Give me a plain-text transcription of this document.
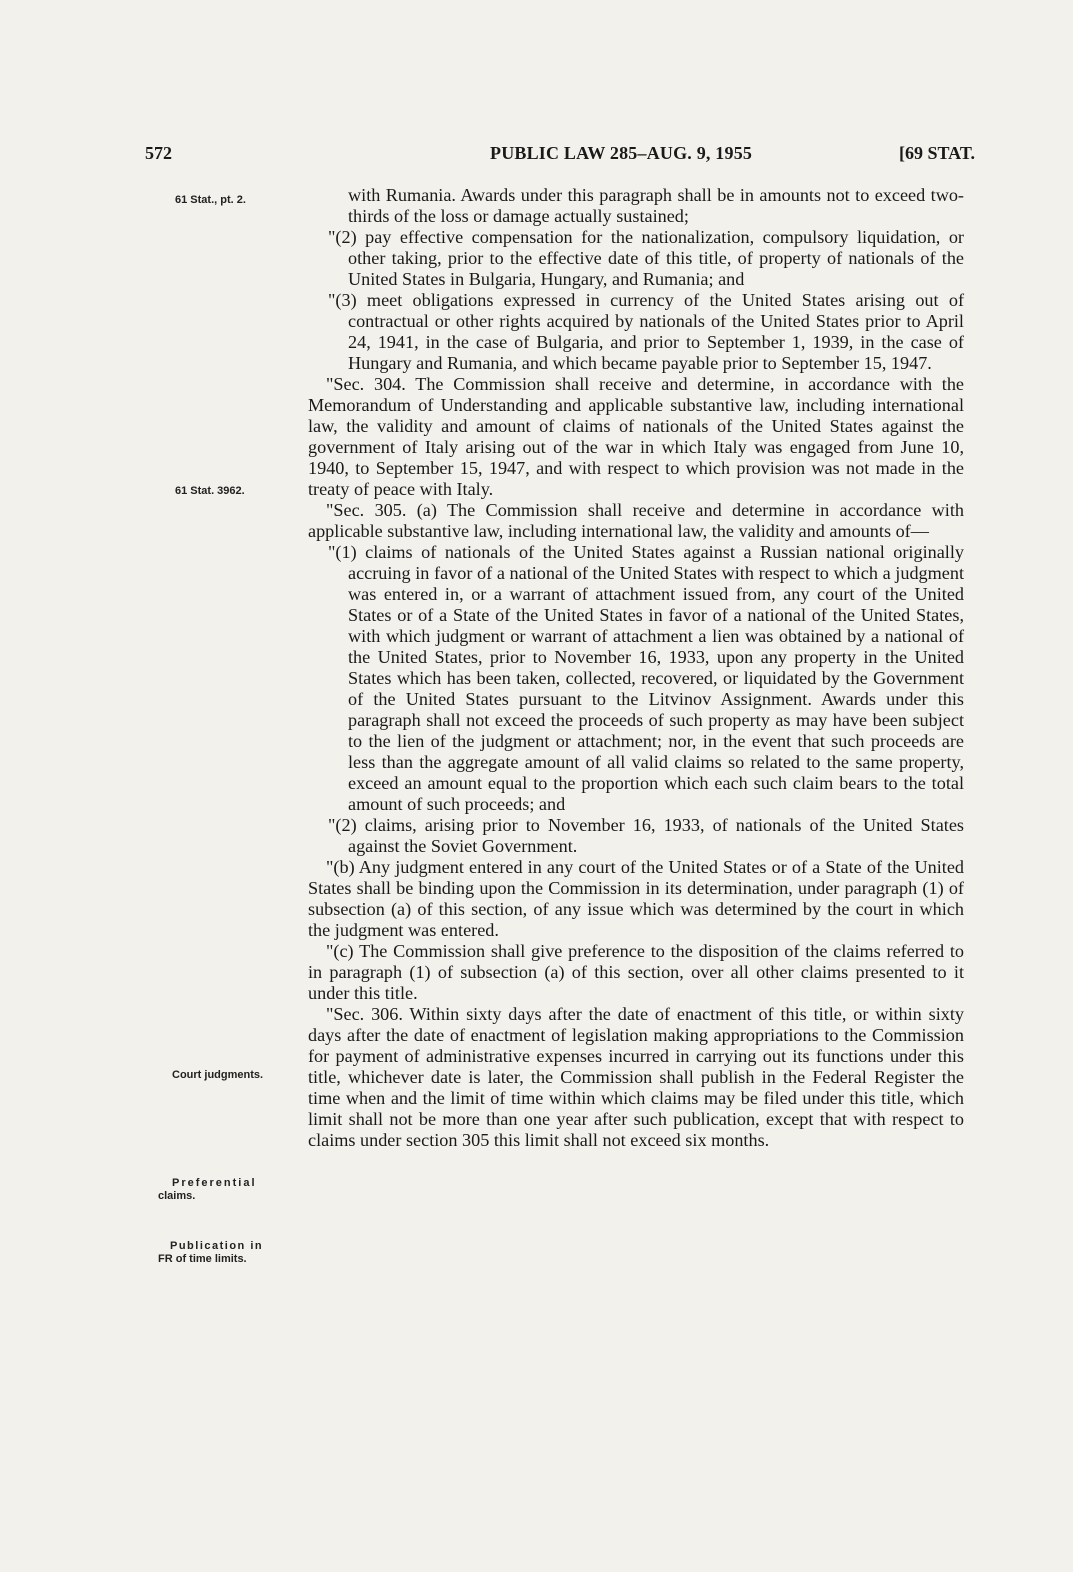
572	PUBLIC LAW 285–AUG. 9, 1955	[69 STAT.
61 Stat., pt. 2.
61 Stat. 3962.
Court judgments.
Preferential
claims.
Publication in
FR of time limits.

with Rumania. Awards under this paragraph shall be in amounts not to exceed two-thirds of the loss or damage actually sustained;

"(2) pay effective compensation for the nationalization, compulsory liquidation, or other taking, prior to the effective date of this title, of property of nationals of the United States in Bulgaria, Hungary, and Rumania; and

"(3) meet obligations expressed in currency of the United States arising out of contractual or other rights acquired by nationals of the United States prior to April 24, 1941, in the case of Bulgaria, and prior to September 1, 1939, in the case of Hungary and Rumania, and which became payable prior to September 15, 1947.

"Sec. 304. The Commission shall receive and determine, in accordance with the Memorandum of Understanding and applicable substantive law, including international law, the validity and amount of claims of nationals of the United States against the government of Italy arising out of the war in which Italy was engaged from June 10, 1940, to September 15, 1947, and with respect to which provision was not made in the treaty of peace with Italy.

"Sec. 305. (a) The Commission shall receive and determine in accordance with applicable substantive law, including international law, the validity and amounts of—

"(1) claims of nationals of the United States against a Russian national originally accruing in favor of a national of the United States with respect to which a judgment was entered in, or a warrant of attachment issued from, any court of the United States or of a State of the United States in favor of a national of the United States, with which judgment or warrant of attachment a lien was obtained by a national of the United States, prior to November 16, 1933, upon any property in the United States which has been taken, collected, recovered, or liquidated by the Government of the United States pursuant to the Litvinov Assignment. Awards under this paragraph shall not exceed the proceeds of such property as may have been subject to the lien of the judgment or attachment; nor, in the event that such proceeds are less than the aggregate amount of all valid claims so related to the same property, exceed an amount equal to the proportion which each such claim bears to the total amount of such proceeds; and

"(2) claims, arising prior to November 16, 1933, of nationals of the United States against the Soviet Government.

"(b) Any judgment entered in any court of the United States or of a State of the United States shall be binding upon the Commission in its determination, under paragraph (1) of subsection (a) of this section, of any issue which was determined by the court in which the judgment was entered.

"(c) The Commission shall give preference to the disposition of the claims referred to in paragraph (1) of subsection (a) of this section, over all other claims presented to it under this title.

"Sec. 306. Within sixty days after the date of enactment of this title, or within sixty days after the date of enactment of legislation making appropriations to the Commission for payment of administrative expenses incurred in carrying out its functions under this title, whichever date is later, the Commission shall publish in the Federal Register the time when and the limit of time within which claims may be filed under this title, which limit shall not be more than one year after such publication, except that with respect to claims under section 305 this limit shall not exceed six months.
